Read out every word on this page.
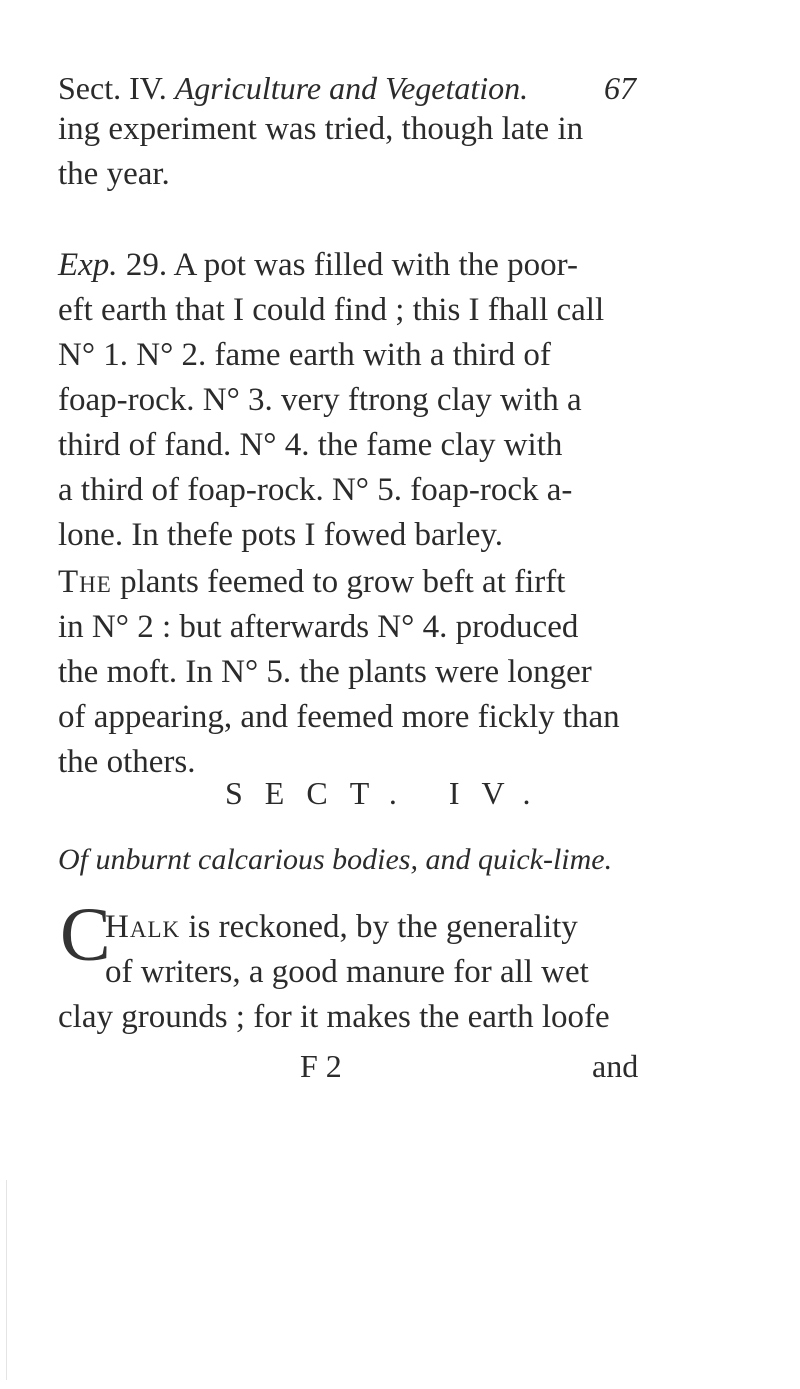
Sect. IV. Agriculture and Vegetation. 67
ing experiment was tried, though late in
the year.
Exp. 29. A pot was filled with the poor-
eft earth that I could find ; this I fhall call
N° 1. N° 2. fame earth with a third of
foap-rock. N° 3. very ftrong clay with a
third of fand. N° 4. the fame clay with
a third of foap-rock. N° 5. foap-rock a-
lone. In thefe pots I fowed barley.
The plants feemed to grow beft at firft
in N° 2 : but afterwards N° 4. produced
the moft. In N° 5. the plants were longer
of appearing, and feemed more fickly than
the others.
SECT. IV.
Of unburnt calcarious bodies, and quick-lime.
C
Halk is reckoned, by the generality
of writers, a good manure for all wet
clay grounds ; for it makes the earth loofe
F 2	and
